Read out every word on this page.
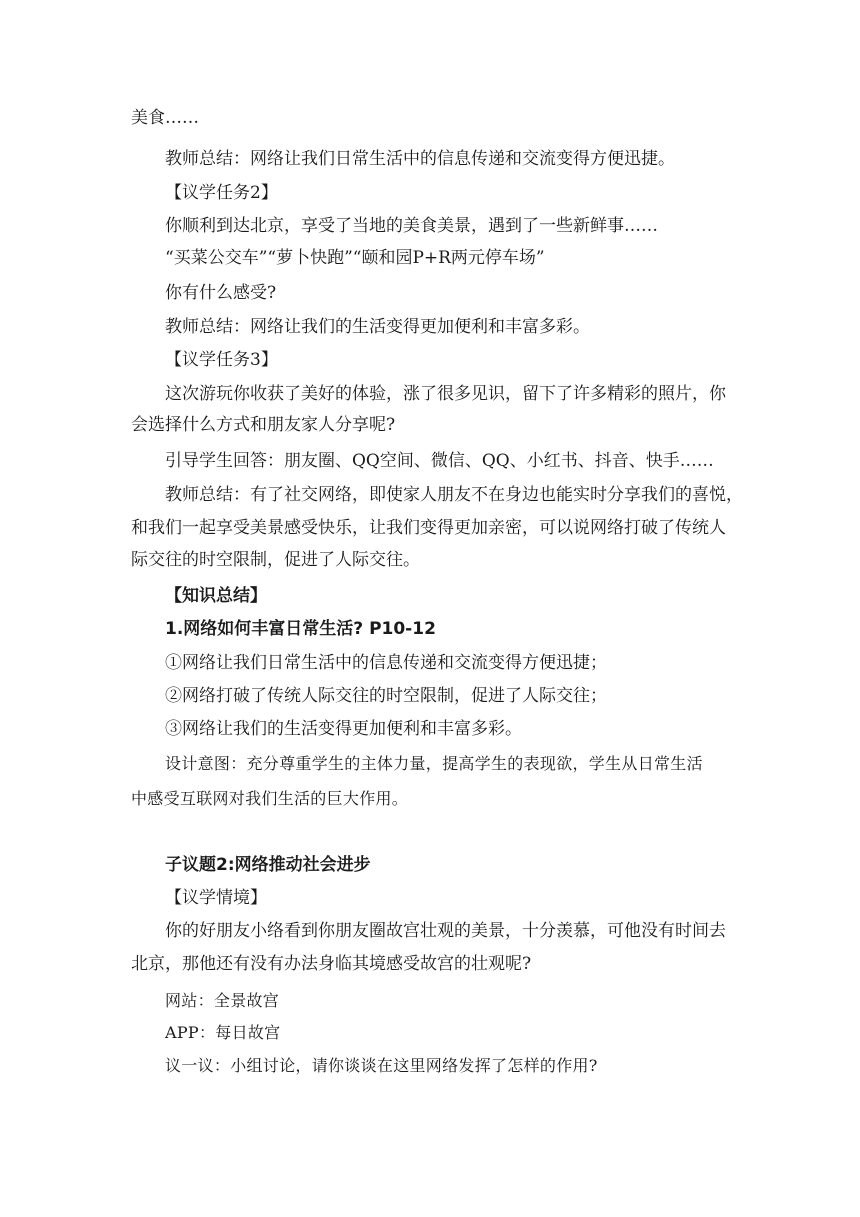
美食……
教师总结：网络让我们日常生活中的信息传递和交流变得方便迅捷。
【议学任务2】
你顺利到达北京，享受了当地的美食美景，遇到了一些新鲜事……
“买菜公交车”“萝卜快跑”“颐和园P+R两元停车场”
你有什么感受?
教师总结：网络让我们的生活变得更加便利和丰富多彩。
【议学任务3】
这次游玩你收获了美好的体验，涨了很多见识，留下了许多精彩的照片，你
会选择什么方式和朋友家人分享呢?
引导学生回答：朋友圈、QQ空间、微信、QQ、小红书、抖音、快手……
教师总结：有了社交网络，即使家人朋友不在身边也能实时分享我们的喜悦，
和我们一起享受美景感受快乐，让我们变得更加亲密，可以说网络打破了传统人
际交往的时空限制，促进了人际交往。
【知识总结】
1.网络如何丰富日常生活? P10-12
①网络让我们日常生活中的信息传递和交流变得方便迅捷；
②网络打破了传统人际交往的时空限制，促进了人际交往；
③网络让我们的生活变得更加便利和丰富多彩。
设计意图：充分尊重学生的主体力量，提高学生的表现欲，学生从日常生活
中感受互联网对我们生活的巨大作用。
子议题2:网络推动社会进步
【议学情境】
你的好朋友小络看到你朋友圈故宫壮观的美景，十分羡慕，可他没有时间去
北京，那他还有没有办法身临其境感受故宫的壮观呢?
网站：全景故宫
APP：每日故宫
议一议：小组讨论，请你谈谈在这里网络发挥了怎样的作用?
